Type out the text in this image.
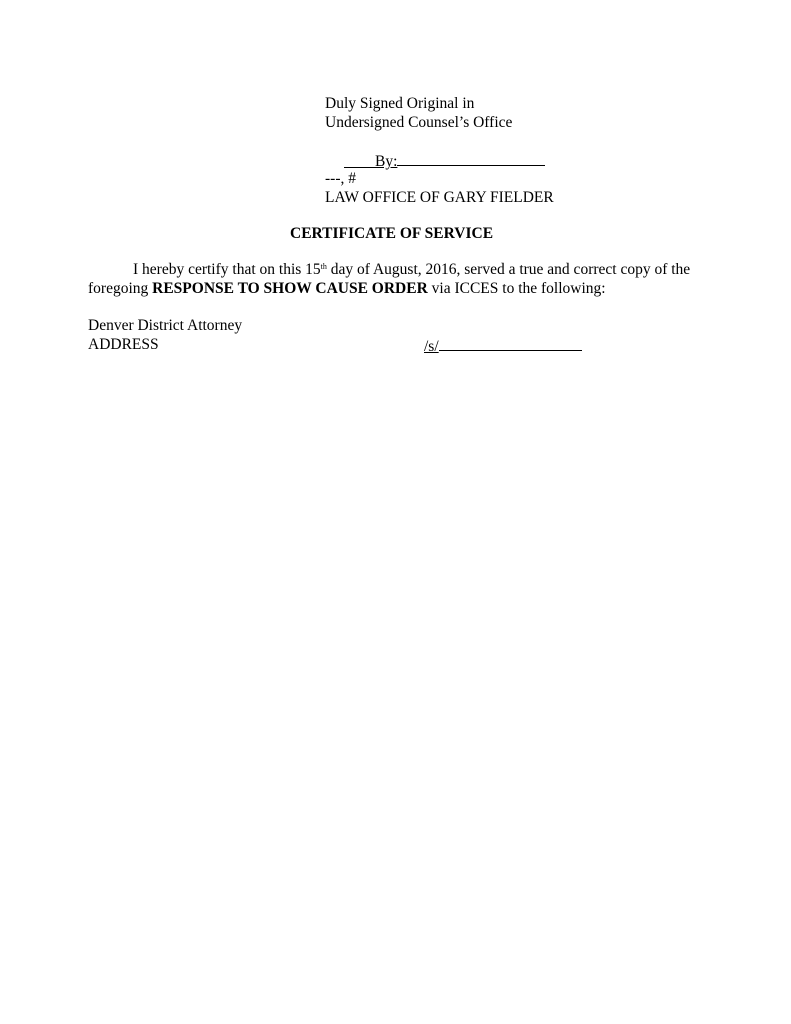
Duly Signed Original in
Undersigned Counsel’s Office
By:
---, #
LAW OFFICE OF GARY FIELDER
CERTIFICATE OF SERVICE
I hereby certify that on this 15th day of August, 2016, served a true and correct copy of the
foregoing RESPONSE TO SHOW CAUSE ORDER via ICCES to the following:
Denver District Attorney
ADDRESS	/s/
